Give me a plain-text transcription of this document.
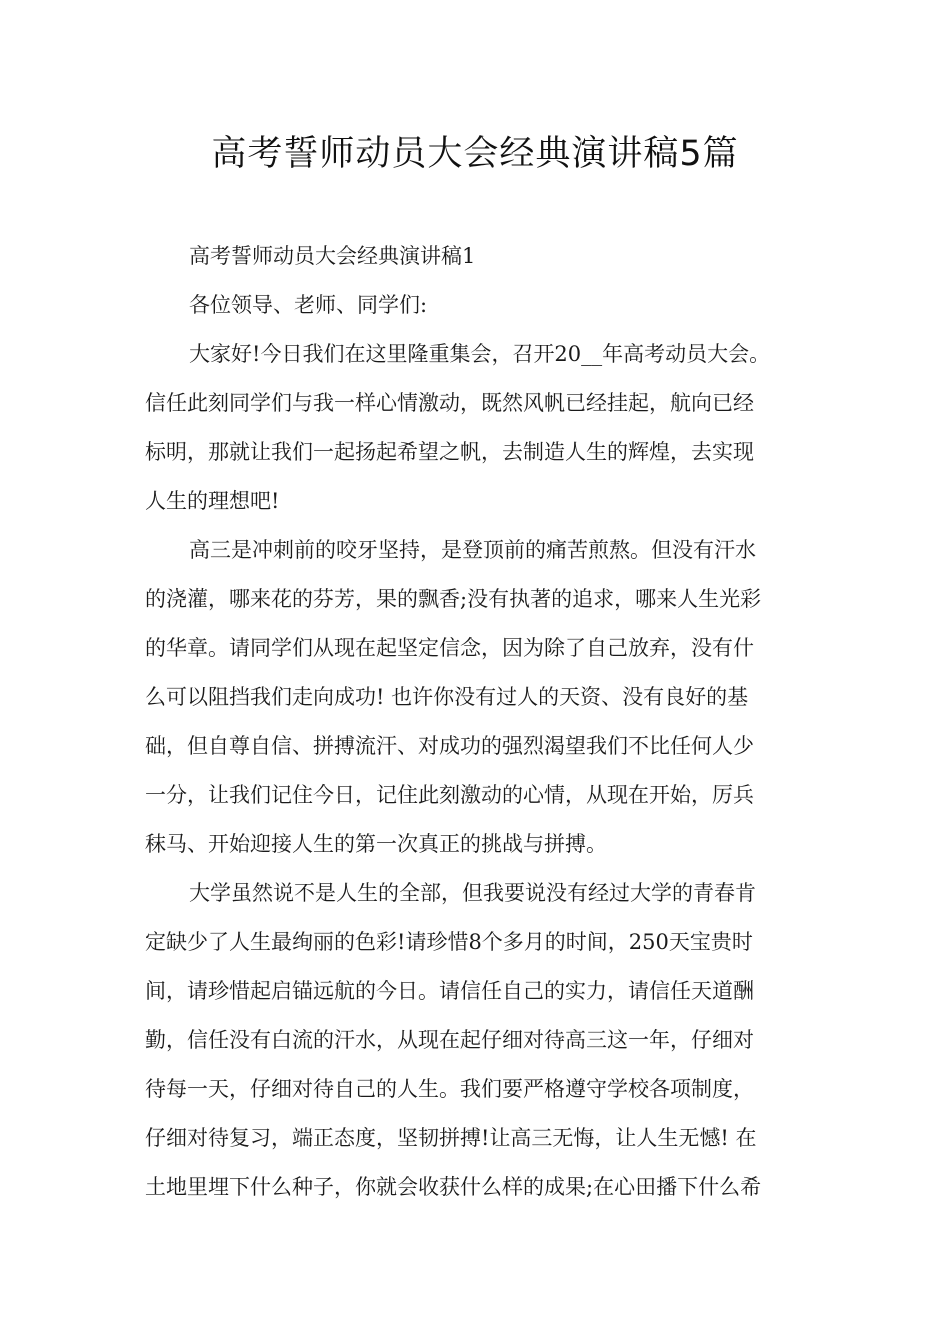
高考誓师动员大会经典演讲稿5篇

高考誓师动员大会经典演讲稿1

各位领导、老师、同学们:

大家好!今日我们在这里隆重集会，召开20__年高考动员大会。
信任此刻同学们与我一样心情激动，既然风帆已经挂起，航向已经
标明，那就让我们一起扬起希望之帆，去制造人生的辉煌，去实现
人生的理想吧!
高三是冲刺前的咬牙坚持，是登顶前的痛苦煎熬。但没有汗水
的浇灌，哪来花的芬芳，果的飘香;没有执著的追求，哪来人生光彩
的华章。请同学们从现在起坚定信念，因为除了自己放弃，没有什
么可以阻挡我们走向成功! 也许你没有过人的天资、没有良好的基
础，但自尊自信、拼搏流汗、对成功的强烈渴望我们不比任何人少
一分，让我们记住今日，记住此刻激动的心情，从现在开始，厉兵
秣马、开始迎接人生的第一次真正的挑战与拼搏。
大学虽然说不是人生的全部，但我要说没有经过大学的青春肯
定缺少了人生最绚丽的色彩!请珍惜8个多月的时间，250天宝贵时
间，请珍惜起启锚远航的今日。请信任自己的实力，请信任天道酬
勤，信任没有白流的汗水，从现在起仔细对待高三这一年，仔细对
待每一天，仔细对待自己的人生。我们要严格遵守学校各项制度，
仔细对待复习，端正态度，坚韧拼搏!让高三无悔，让人生无憾! 在
土地里埋下什么种子，你就会收获什么样的成果;在心田播下什么希
